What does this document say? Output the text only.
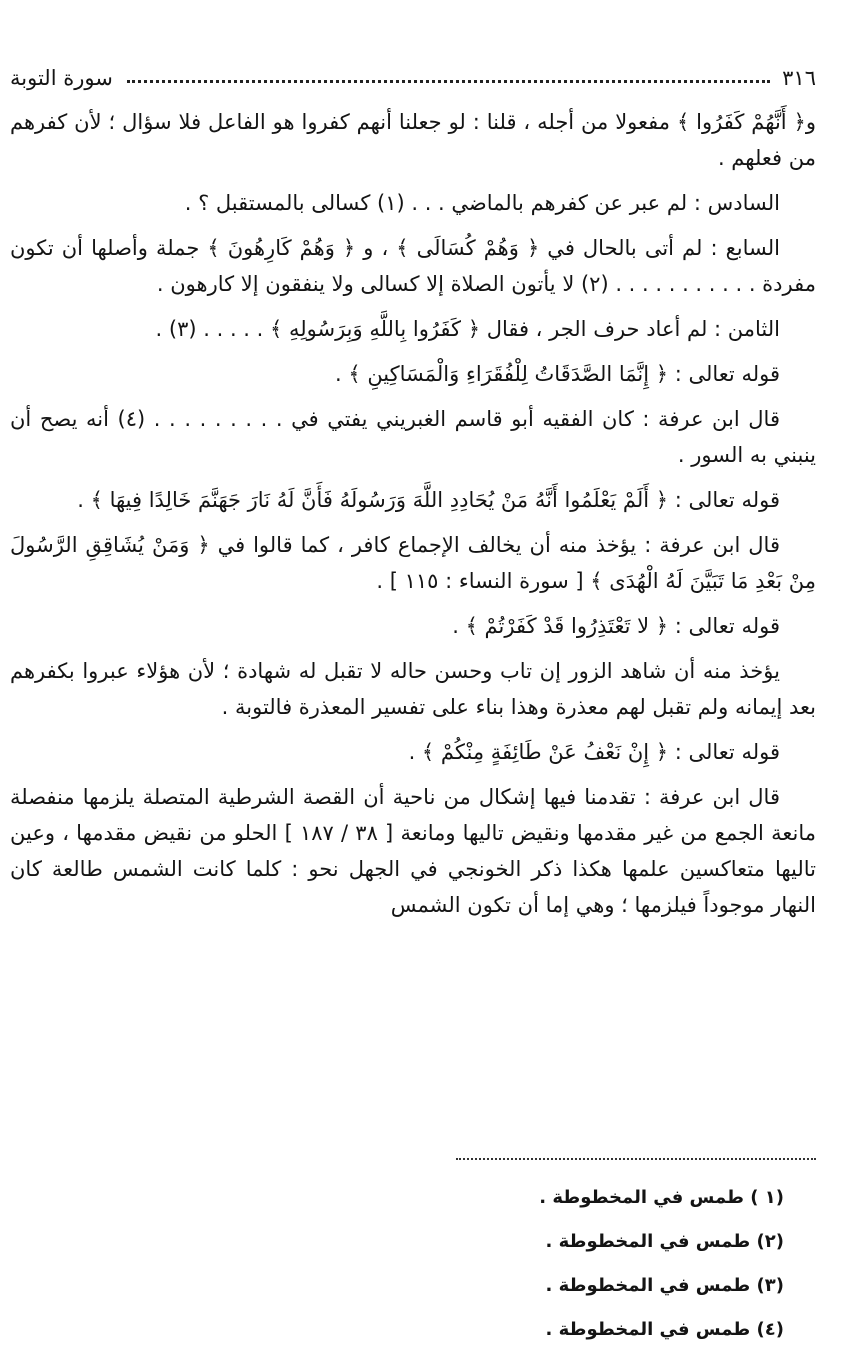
٣١٦
سورة التوبة

و﴿ أَنَّهُمْ كَفَرُوا ﴾ مفعولا من أجله ، قلنا : لو جعلنا أنهم كفروا هو الفاعل فلا سؤال ؛ لأن كفرهم من فعلهم .

السادس : لم عبر عن كفرهم بالماضي . . . (١) كسالى بالمستقبل ؟ .

السابع : لم أتى بالحال في ﴿ وَهُمْ كُسَالَى ﴾ ، و ﴿ وَهُمْ كَارِهُونَ ﴾ جملة وأصلها أن تكون مفردة . . . . . . . . . . . (٢) لا يأتون الصلاة إلا كسالى ولا ينفقون إلا كارهون .

الثامن : لم أعاد حرف الجر ، فقال ﴿ كَفَرُوا بِاللَّهِ وَبِرَسُولِهِ ﴾ . . . . . (٣) .

قوله تعالى : ﴿ إِنَّمَا الصَّدَقَاتُ لِلْفُقَرَاءِ وَالْمَسَاكِينِ ﴾ .

قال ابن عرفة : كان الفقيه أبو قاسم الغبريني يفتي في . . . . . . . . . (٤) أنه يصح أن ينبني به السور .

قوله تعالى : ﴿ أَلَمْ يَعْلَمُوا أَنَّهُ مَنْ يُحَادِدِ اللَّهَ وَرَسُولَهُ فَأَنَّ لَهُ نَارَ جَهَنَّمَ خَالِدًا فِيهَا ﴾ .

قال ابن عرفة : يؤخذ منه أن يخالف الإجماع كافر ، كما قالوا في ﴿ وَمَنْ يُشَاقِقِ الرَّسُولَ مِنْ بَعْدِ مَا تَبَيَّنَ لَهُ الْهُدَى ﴾ [ سورة النساء : ١١٥ ] .

قوله تعالى : ﴿ لا تَعْتَذِرُوا قَدْ كَفَرْتُمْ ﴾ .

يؤخذ منه أن شاهد الزور إن تاب وحسن حاله لا تقبل له شهادة ؛ لأن هؤلاء عبروا بكفرهم بعد إيمانه ولم تقبل لهم معذرة وهذا بناء على تفسير المعذرة فالتوبة .

قوله تعالى : ﴿ إِنْ نَعْفُ عَنْ طَائِفَةٍ مِنْكُمْ ﴾ .

قال ابن عرفة : تقدمنا فيها إشكال من ناحية أن القصة الشرطية المتصلة يلزمها منفصلة مانعة الجمع من غير مقدمها ونقيض تاليها ومانعة [ ٣٨ / ١٨٧ ] الحلو من نقيض مقدمها ، وعين تاليها متعاكسين علمها هكذا ذكر الخونجي في الجهل نحو : كلما كانت الشمس طالعة كان النهار موجوداً فيلزمها ؛ وهي إما أن تكون الشمس

(١ ) طمس في المخطوطة .
(٢) طمس في المخطوطة .
(٣) طمس في المخطوطة .
(٤) طمس في المخطوطة .
